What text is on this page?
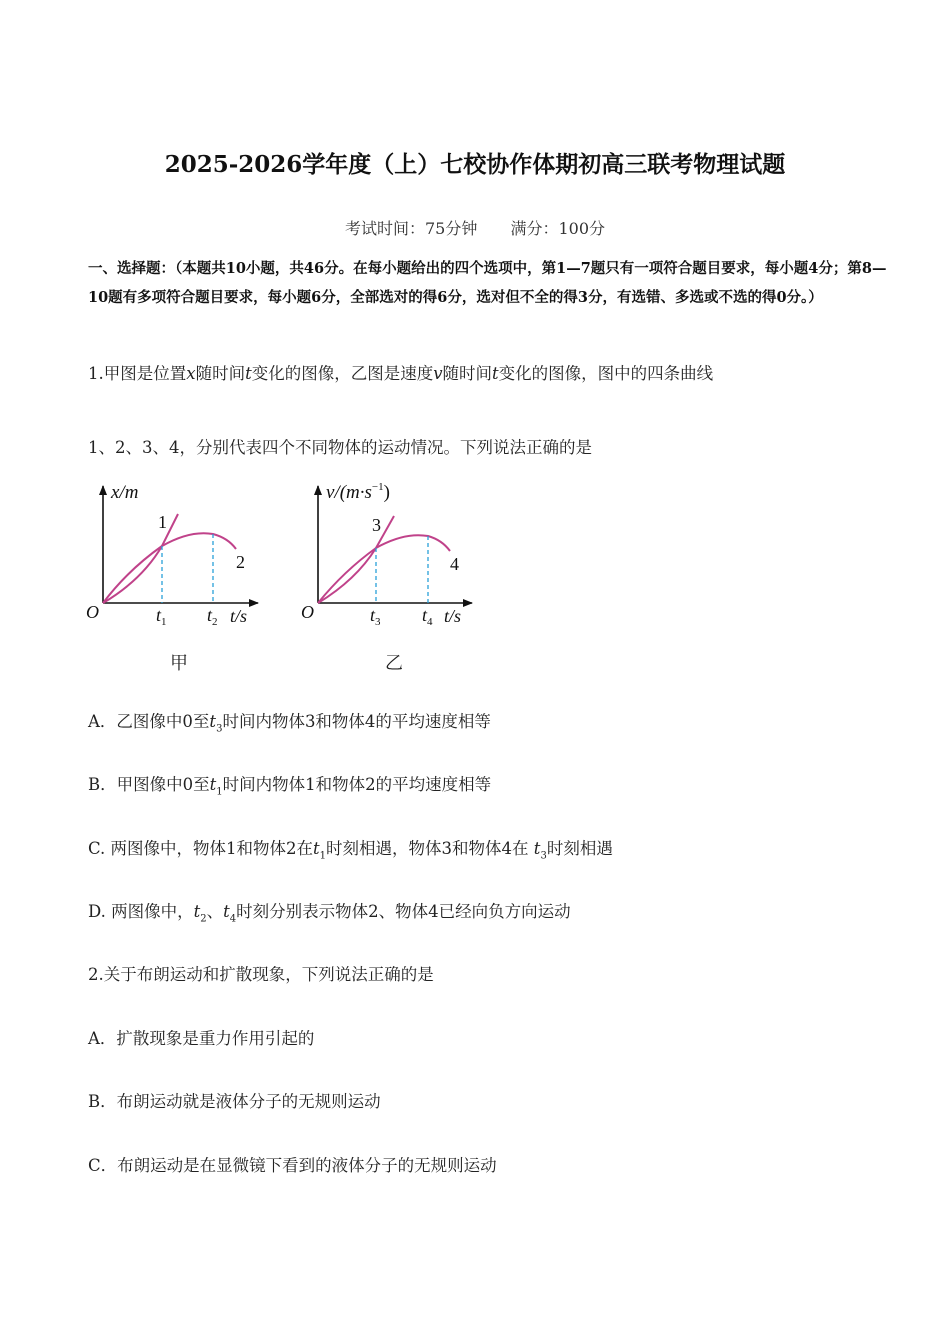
2025-2026学年度（上）七校协作体期初高三联考物理试题
考试时间：75分钟 满分：100分
一、选择题：（本题共10小题，共46分。在每小题给出的四个选项中，第1—7题只有一项符合题目要求，每小题4分；第8—10题有多项符合题目要求，每小题6分，全部选对的得6分，选对但不全的得3分，有选错、多选或不选的得0分。）
1.甲图是位置x随时间t变化的图像，乙图是速度v随时间t变化的图像，图中的四条曲线
1、2、3、4，分别代表四个不同物体的运动情况。下列说法正确的是
x/m
O
1
2
$t_1$ $t_2$ t/s
甲
$v/(m\cdot s^{-1})$
O
3
4
$t_3$ $t_4$ t/s
乙
A．乙图像中0至$t_3$时间内物体3和物体4的平均速度相等
B．甲图像中0至$t_1$时间内物体1和物体2的平均速度相等
C. 两图像中，物体1和物体2在$t_1$时刻相遇，物体3和物体4在 $t_3$时刻相遇
D. 两图像中，$t_2$、$t_4$时刻分别表示物体2、物体4已经向负方向运动
2.关于布朗运动和扩散现象，下列说法正确的是
A．扩散现象是重力作用引起的
B．布朗运动就是液体分子的无规则运动
C．布朗运动是在显微镜下看到的液体分子的无规则运动
